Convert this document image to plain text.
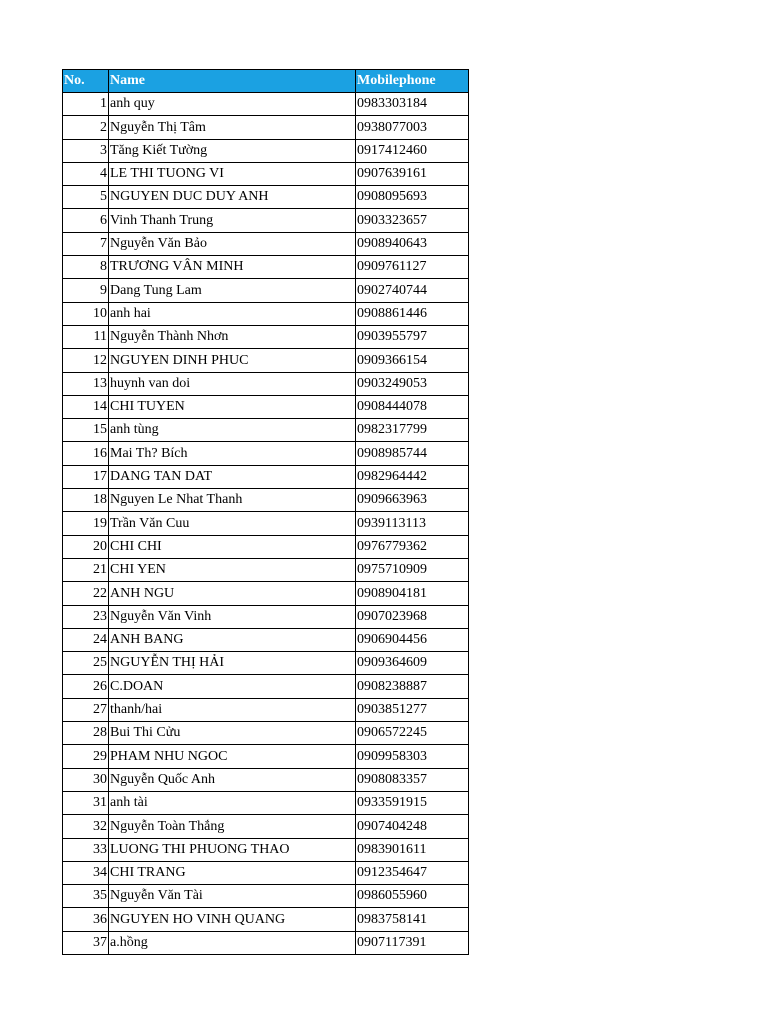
No.	Name	Mobilephone
1	anh quy	0983303184
2	Nguyễn Thị Tâm	0938077003
3	Tăng Kiết Tường	0917412460
4	LE THI TUONG VI	0907639161
5	NGUYEN DUC DUY ANH	0908095693
6	Vinh Thanh Trung	0903323657
7	Nguyễn Văn Bảo	0908940643
8	TRƯƠNG VÂN MINH	0909761127
9	Dang Tung Lam	0902740744
10	anh hai	0908861446
11	Nguyễn Thành Nhơn	0903955797
12	NGUYEN DINH PHUC	0909366154
13	huynh van doi	0903249053
14	CHI TUYEN	0908444078
15	anh tùng	0982317799
16	Mai Th? Bích	0908985744
17	DANG TAN DAT	0982964442
18	Nguyen Le Nhat Thanh	0909663963
19	Trần Văn Cuu	0939113113
20	CHI CHI	0976779362
21	CHI YEN	0975710909
22	ANH NGU	0908904181
23	Nguyễn Văn Vinh	0907023968
24	ANH BANG	0906904456
25	NGUYỄN THỊ HẢI	0909364609
26	C.DOAN	0908238887
27	thanh/hai	0903851277
28	Bui Thi Cửu	0906572245
29	PHAM NHU NGOC	0909958303
30	Nguyễn Quốc Anh	0908083357
31	anh tài	0933591915
32	Nguyễn Toàn Thắng	0907404248
33	LUONG THI PHUONG THAO	0983901611
34	CHI TRANG	0912354647
35	Nguyễn Văn Tài	0986055960
36	NGUYEN HO VINH QUANG	0983758141
37	a.hồng	0907117391
